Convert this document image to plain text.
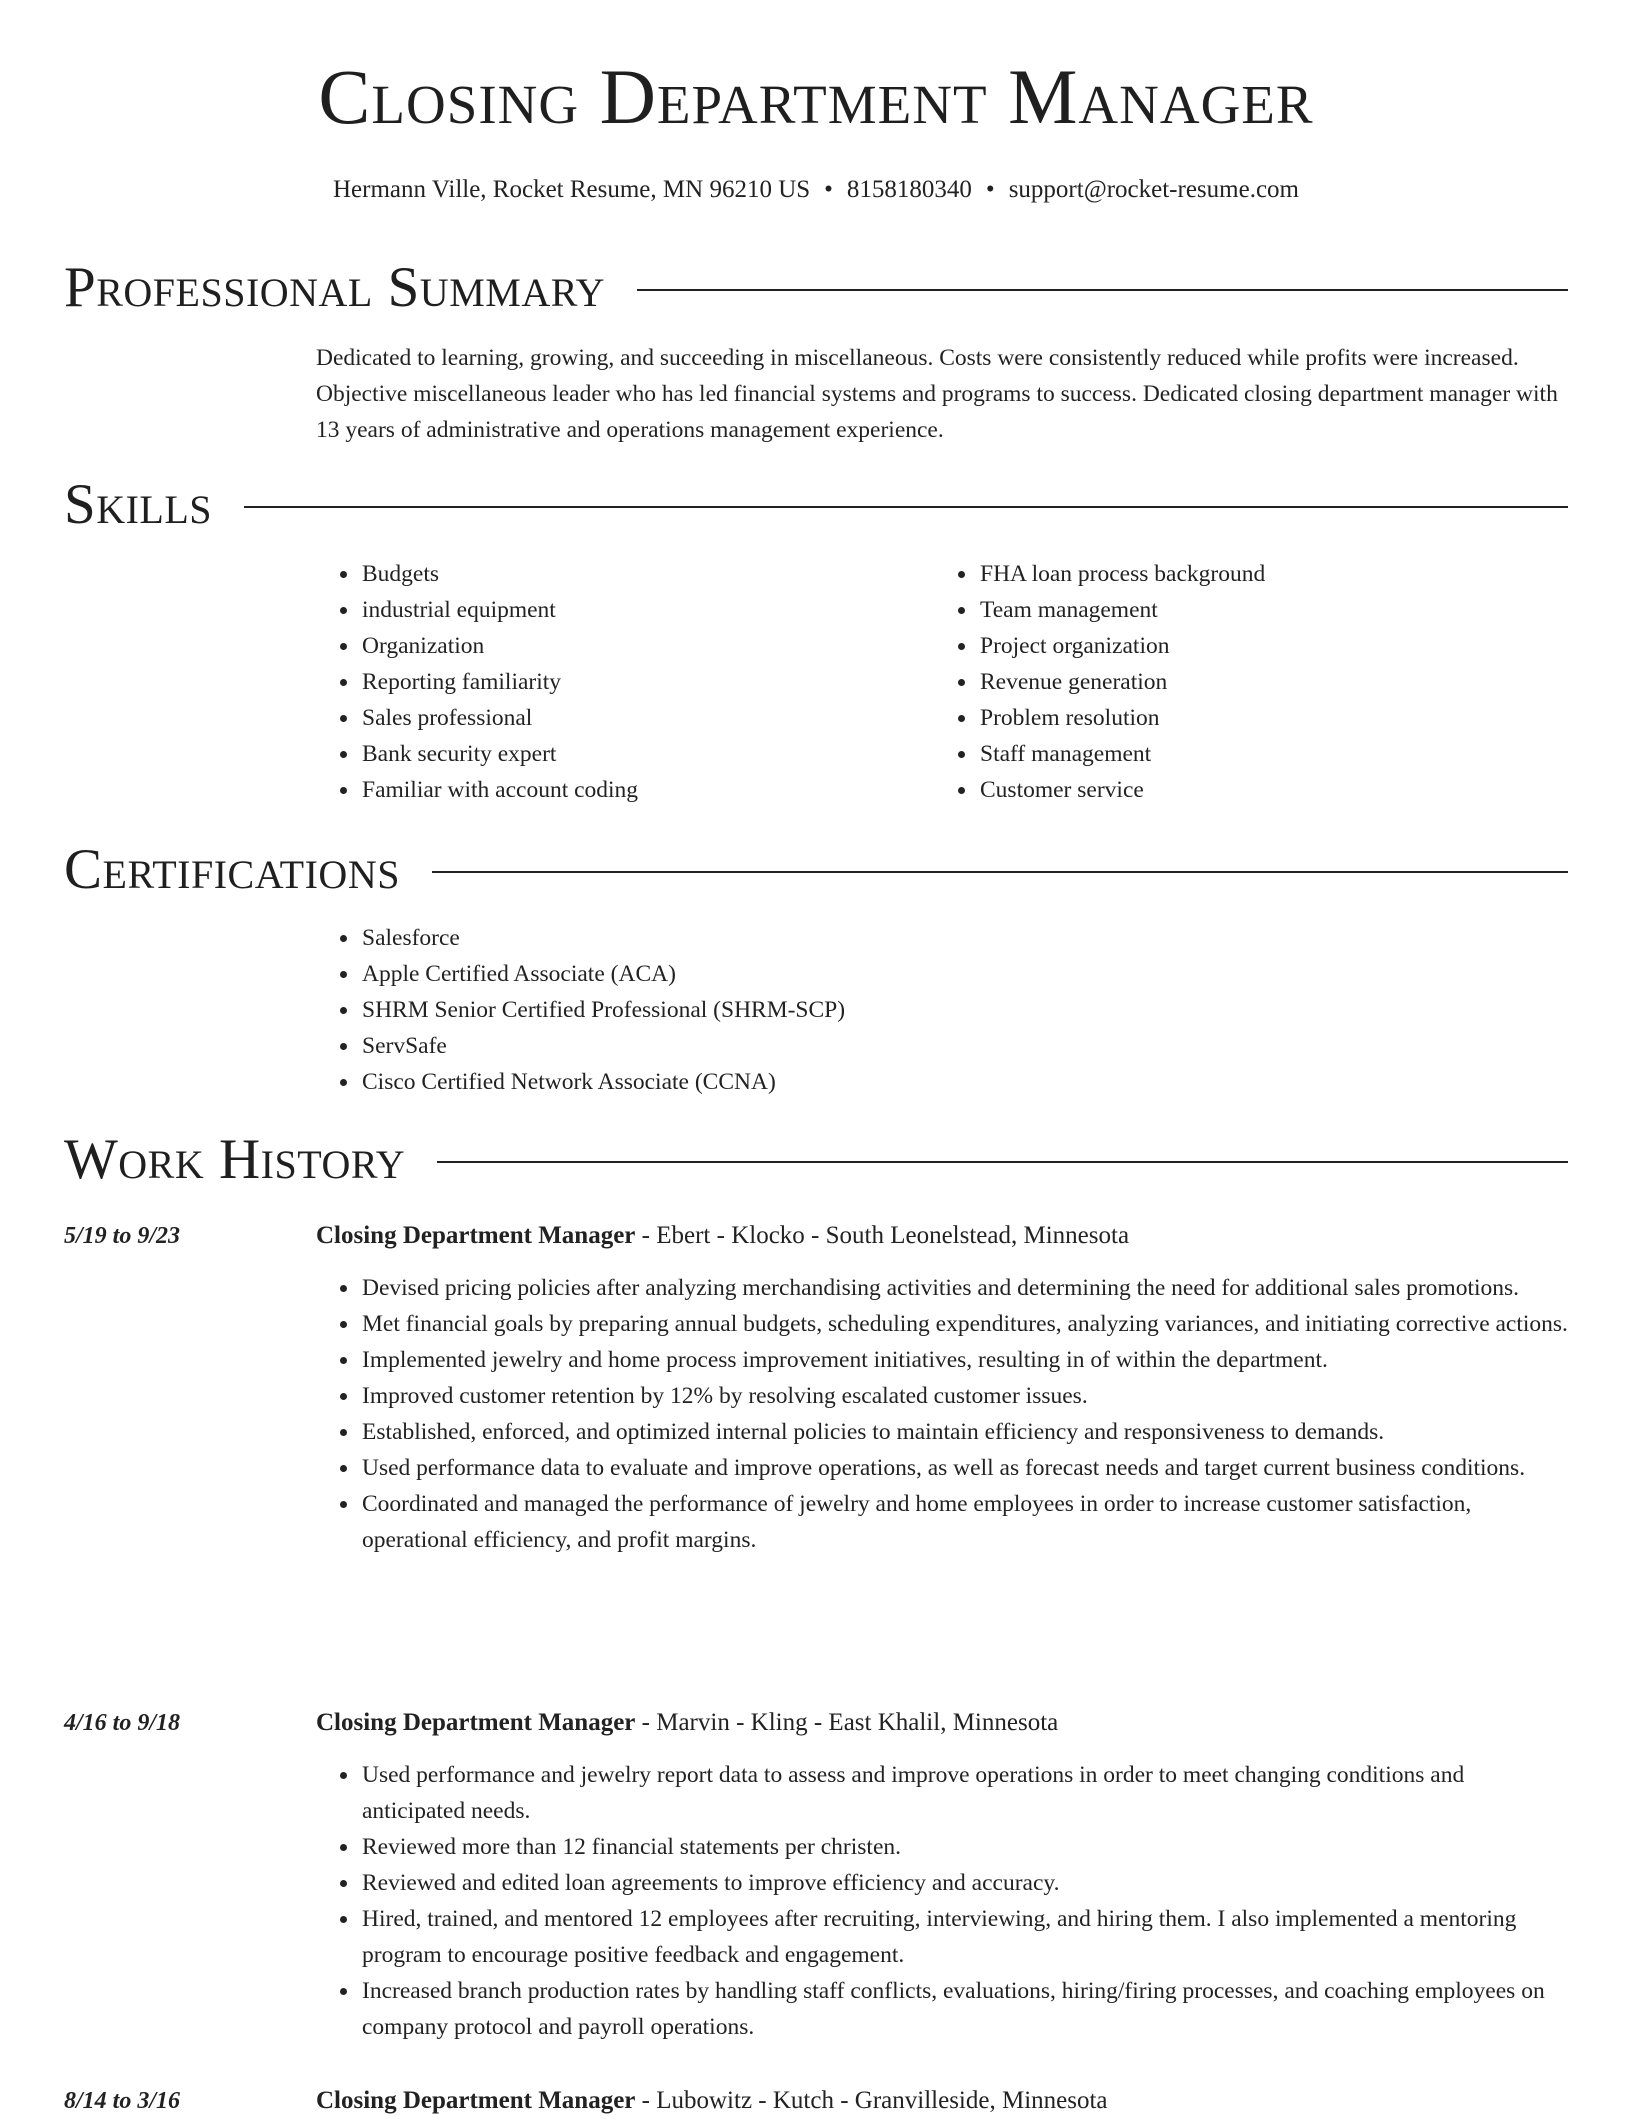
Closing Department Manager
Hermann Ville, Rocket Resume, MN 96210 US • 8158180340 • support@rocket-resume.com
Professional Summary

Dedicated to learning, growing, and succeeding in miscellaneous. Costs were consistently reduced while profits were increased. Objective miscellaneous leader who has led financial systems and programs to success. Dedicated closing department manager with 13 years of administrative and operations management experience.

Skills
• Budgets
• industrial equipment
• Organization
• Reporting familiarity
• Sales professional
• Bank security expert
• Familiar with account coding
• FHA loan process background
• Team management
• Project organization
• Revenue generation
• Problem resolution
• Staff management
• Customer service
Certifications
• Salesforce
• Apple Certified Associate (ACA)
• SHRM Senior Certified Professional (SHRM-SCP)
• ServSafe
• Cisco Certified Network Associate (CCNA)
Work History
5/19 to 9/23	Closing Department Manager - Ebert - Klocko - South Leonelstead, Minnesota
• Devised pricing policies after analyzing merchandising activities and determining the need for additional sales promotions.
• Met financial goals by preparing annual budgets, scheduling expenditures, analyzing variances, and initiating corrective actions.
• Implemented jewelry and home process improvement initiatives, resulting in of within the department.
• Improved customer retention by 12% by resolving escalated customer issues.
• Established, enforced, and optimized internal policies to maintain efficiency and responsiveness to demands.
• Used performance data to evaluate and improve operations, as well as forecast needs and target current business conditions.
• Coordinated and managed the performance of jewelry and home employees in order to increase customer satisfaction, operational efficiency, and profit margins.
4/16 to 9/18	Closing Department Manager - Marvin - Kling - East Khalil, Minnesota
• Used performance and jewelry report data to assess and improve operations in order to meet changing conditions and anticipated needs.
• Reviewed more than 12 financial statements per christen.
• Reviewed and edited loan agreements to improve efficiency and accuracy.
• Hired, trained, and mentored 12 employees after recruiting, interviewing, and hiring them. I also implemented a mentoring program to encourage positive feedback and engagement.
• Increased branch production rates by handling staff conflicts, evaluations, hiring/firing processes, and coaching employees on company protocol and payroll operations.
8/14 to 3/16	Closing Department Manager - Lubowitz - Kutch - Granvilleside, Minnesota
